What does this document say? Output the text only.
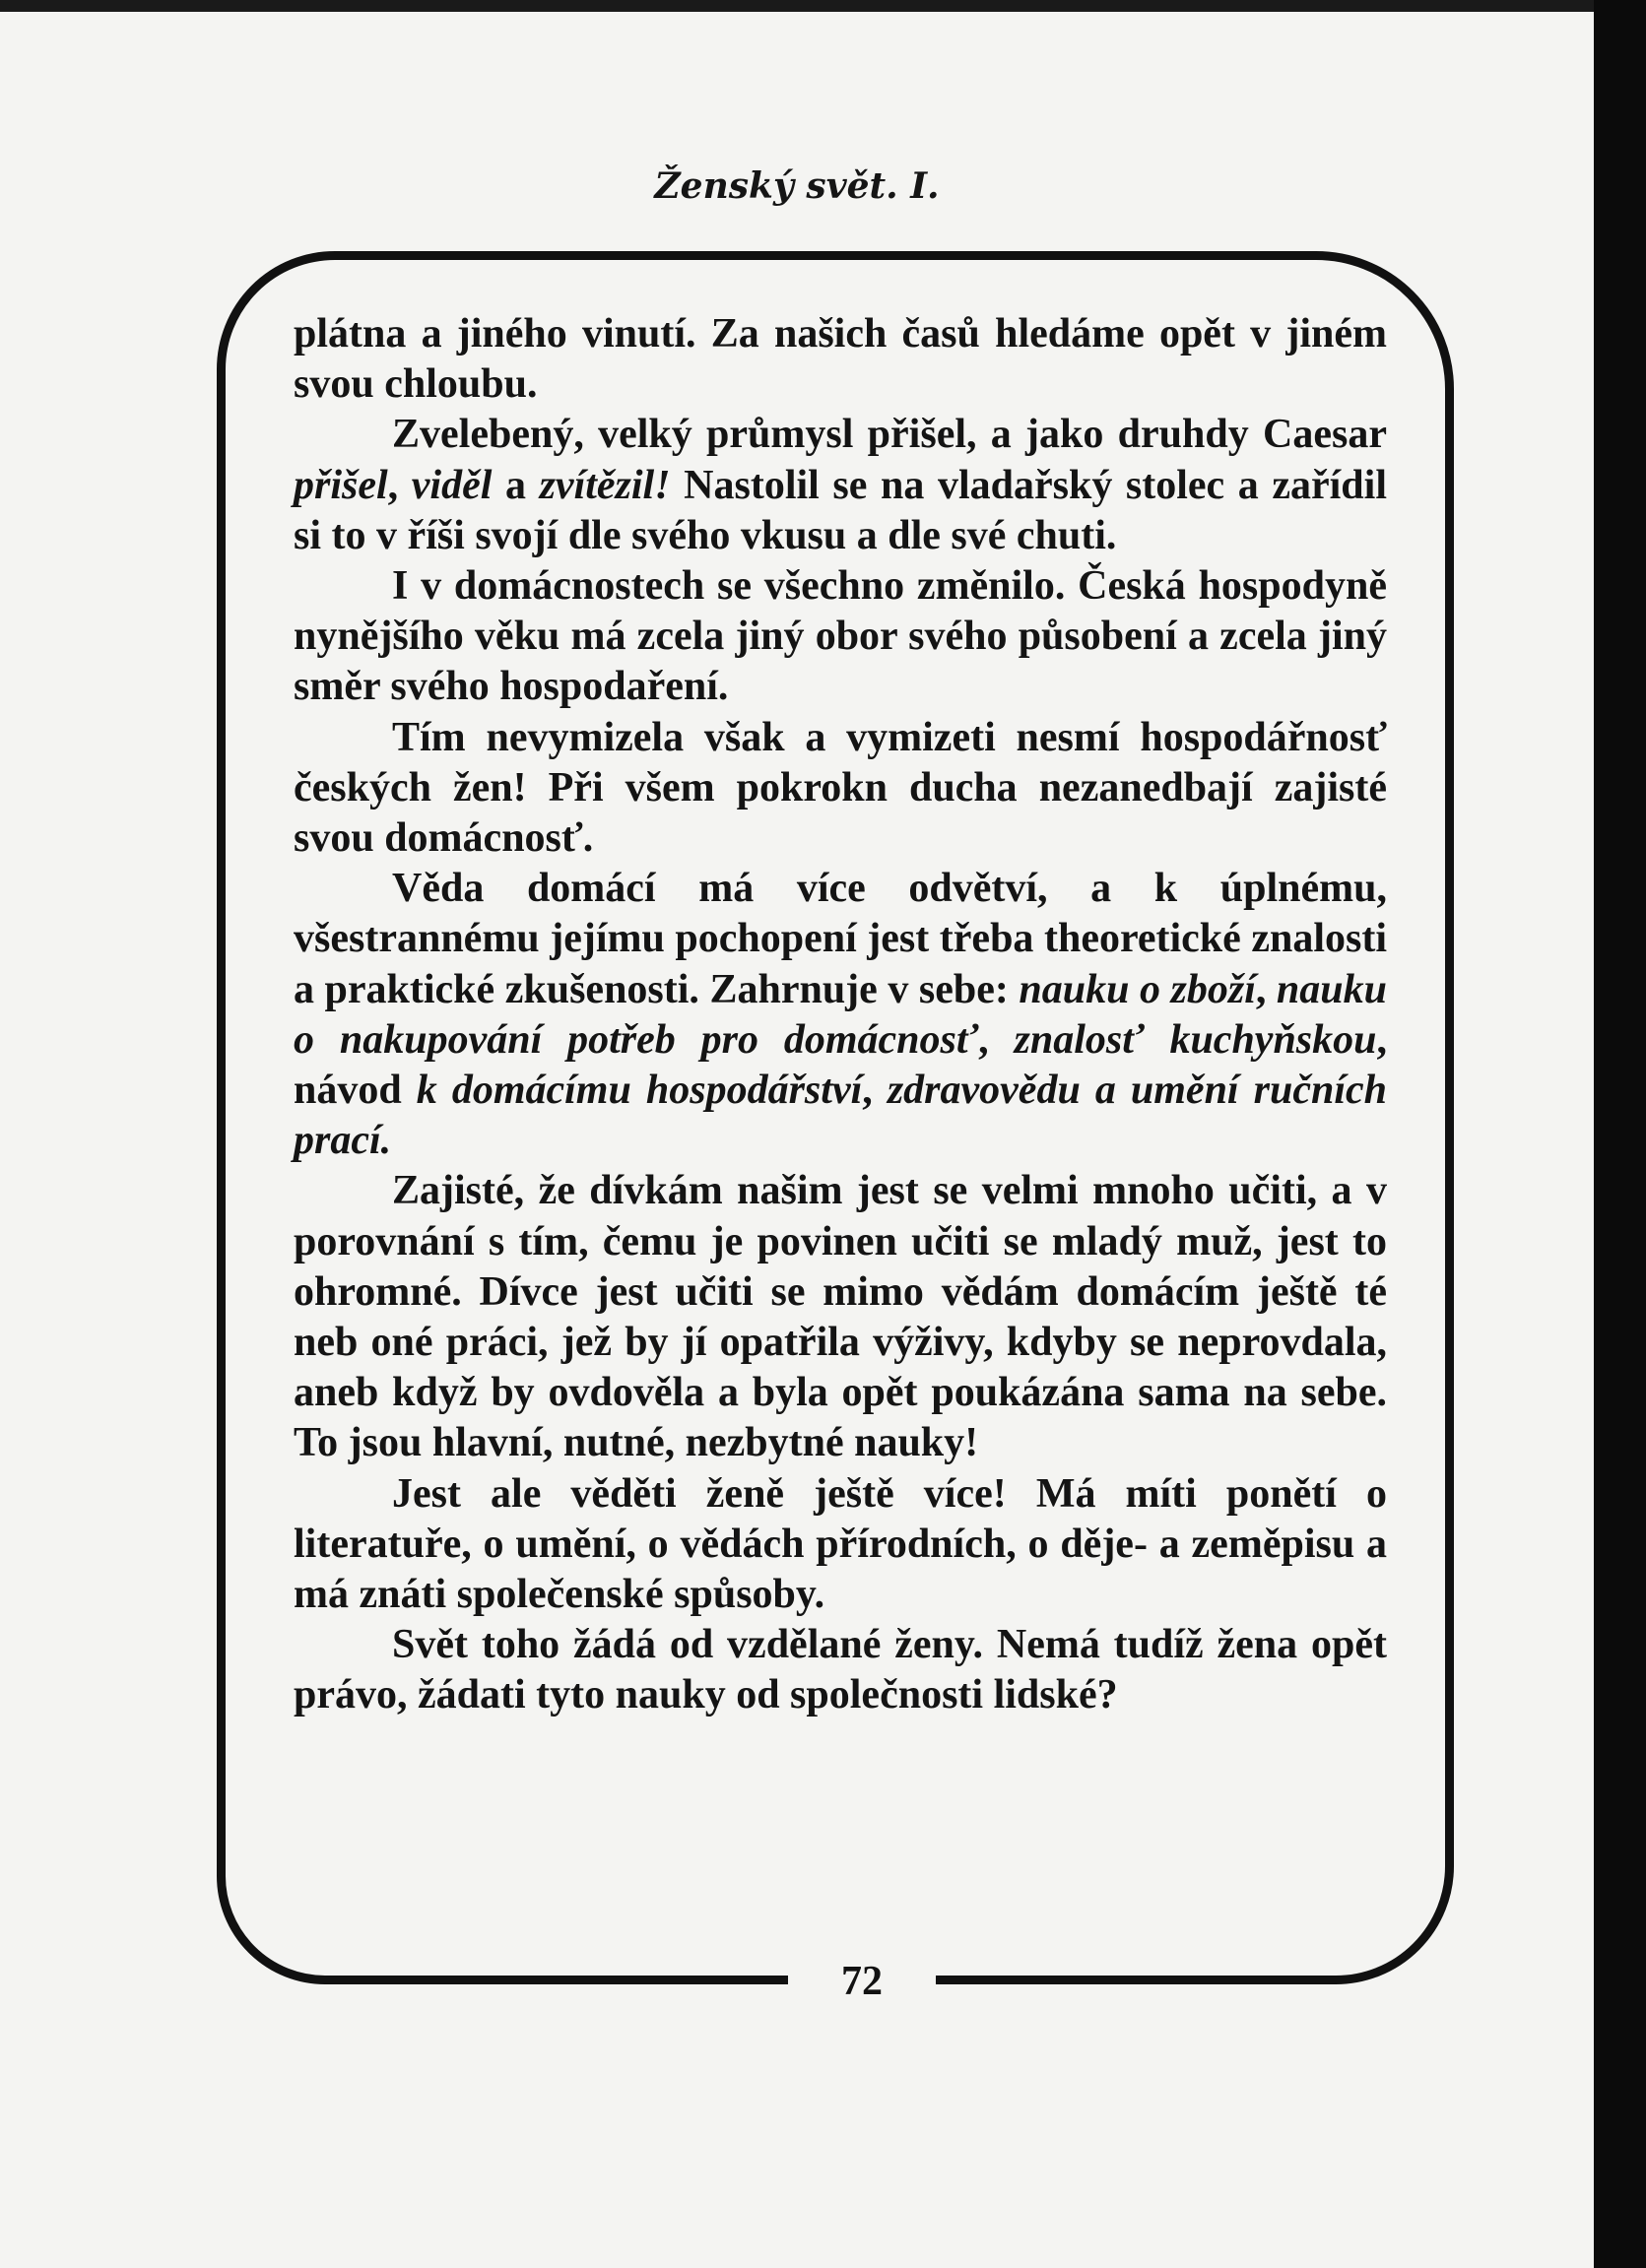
Ženský svět. I.
72

plátna a jiného vinutí. Za našich časů hledáme opět v jiném svou chloubu.

Zvelebený, velký průmysl přišel, a jako druhdy Caesar přišel, viděl a zvítězil! Nastolil se na vladařský stolec a zařídil si to v říši svojí dle svého vkusu a dle své chuti.

I v domácnostech se všechno změnilo. Česká hospodyně nynějšího věku má zcela jiný obor svého působení a zcela jiný směr svého hospodaření.

Tím nevymizela však a vymizeti nesmí hospodářnosť českých žen! Při všem pokrokn ducha nezanedbají zajisté svou domácnosť.

Věda domácí má více odvětví, a k úplnému, všestrannému jejímu pochopení jest třeba theoretické znalosti a praktické zkušenosti. Zahrnuje v sebe: nauku o zboží, nauku o nakupování potřeb pro domácnosť, znalosť kuchyňskou, návod k domácímu hospodářství, zdravovědu a umění ručních prací.

Zajisté, že dívkám našim jest se velmi mnoho učiti, a v porovnání s tím, čemu je povinen učiti se mladý muž, jest to ohromné. Dívce jest učiti se mimo vědám domácím ještě té neb oné práci, jež by jí opatřila výživy, kdyby se neprovdala, aneb když by ovdověla a byla opět poukázána sama na sebe. To jsou hlavní, nutné, nezbytné nauky!

Jest ale věděti ženě ještě více! Má míti ponětí o literatuře, o umění, o vědách přírodních, o děje- a zeměpisu a má znáti společenské spůsoby.

Svět toho žádá od vzdělané ženy. Nemá tudíž žena opět právo, žádati tyto nauky od společnosti lidské?
